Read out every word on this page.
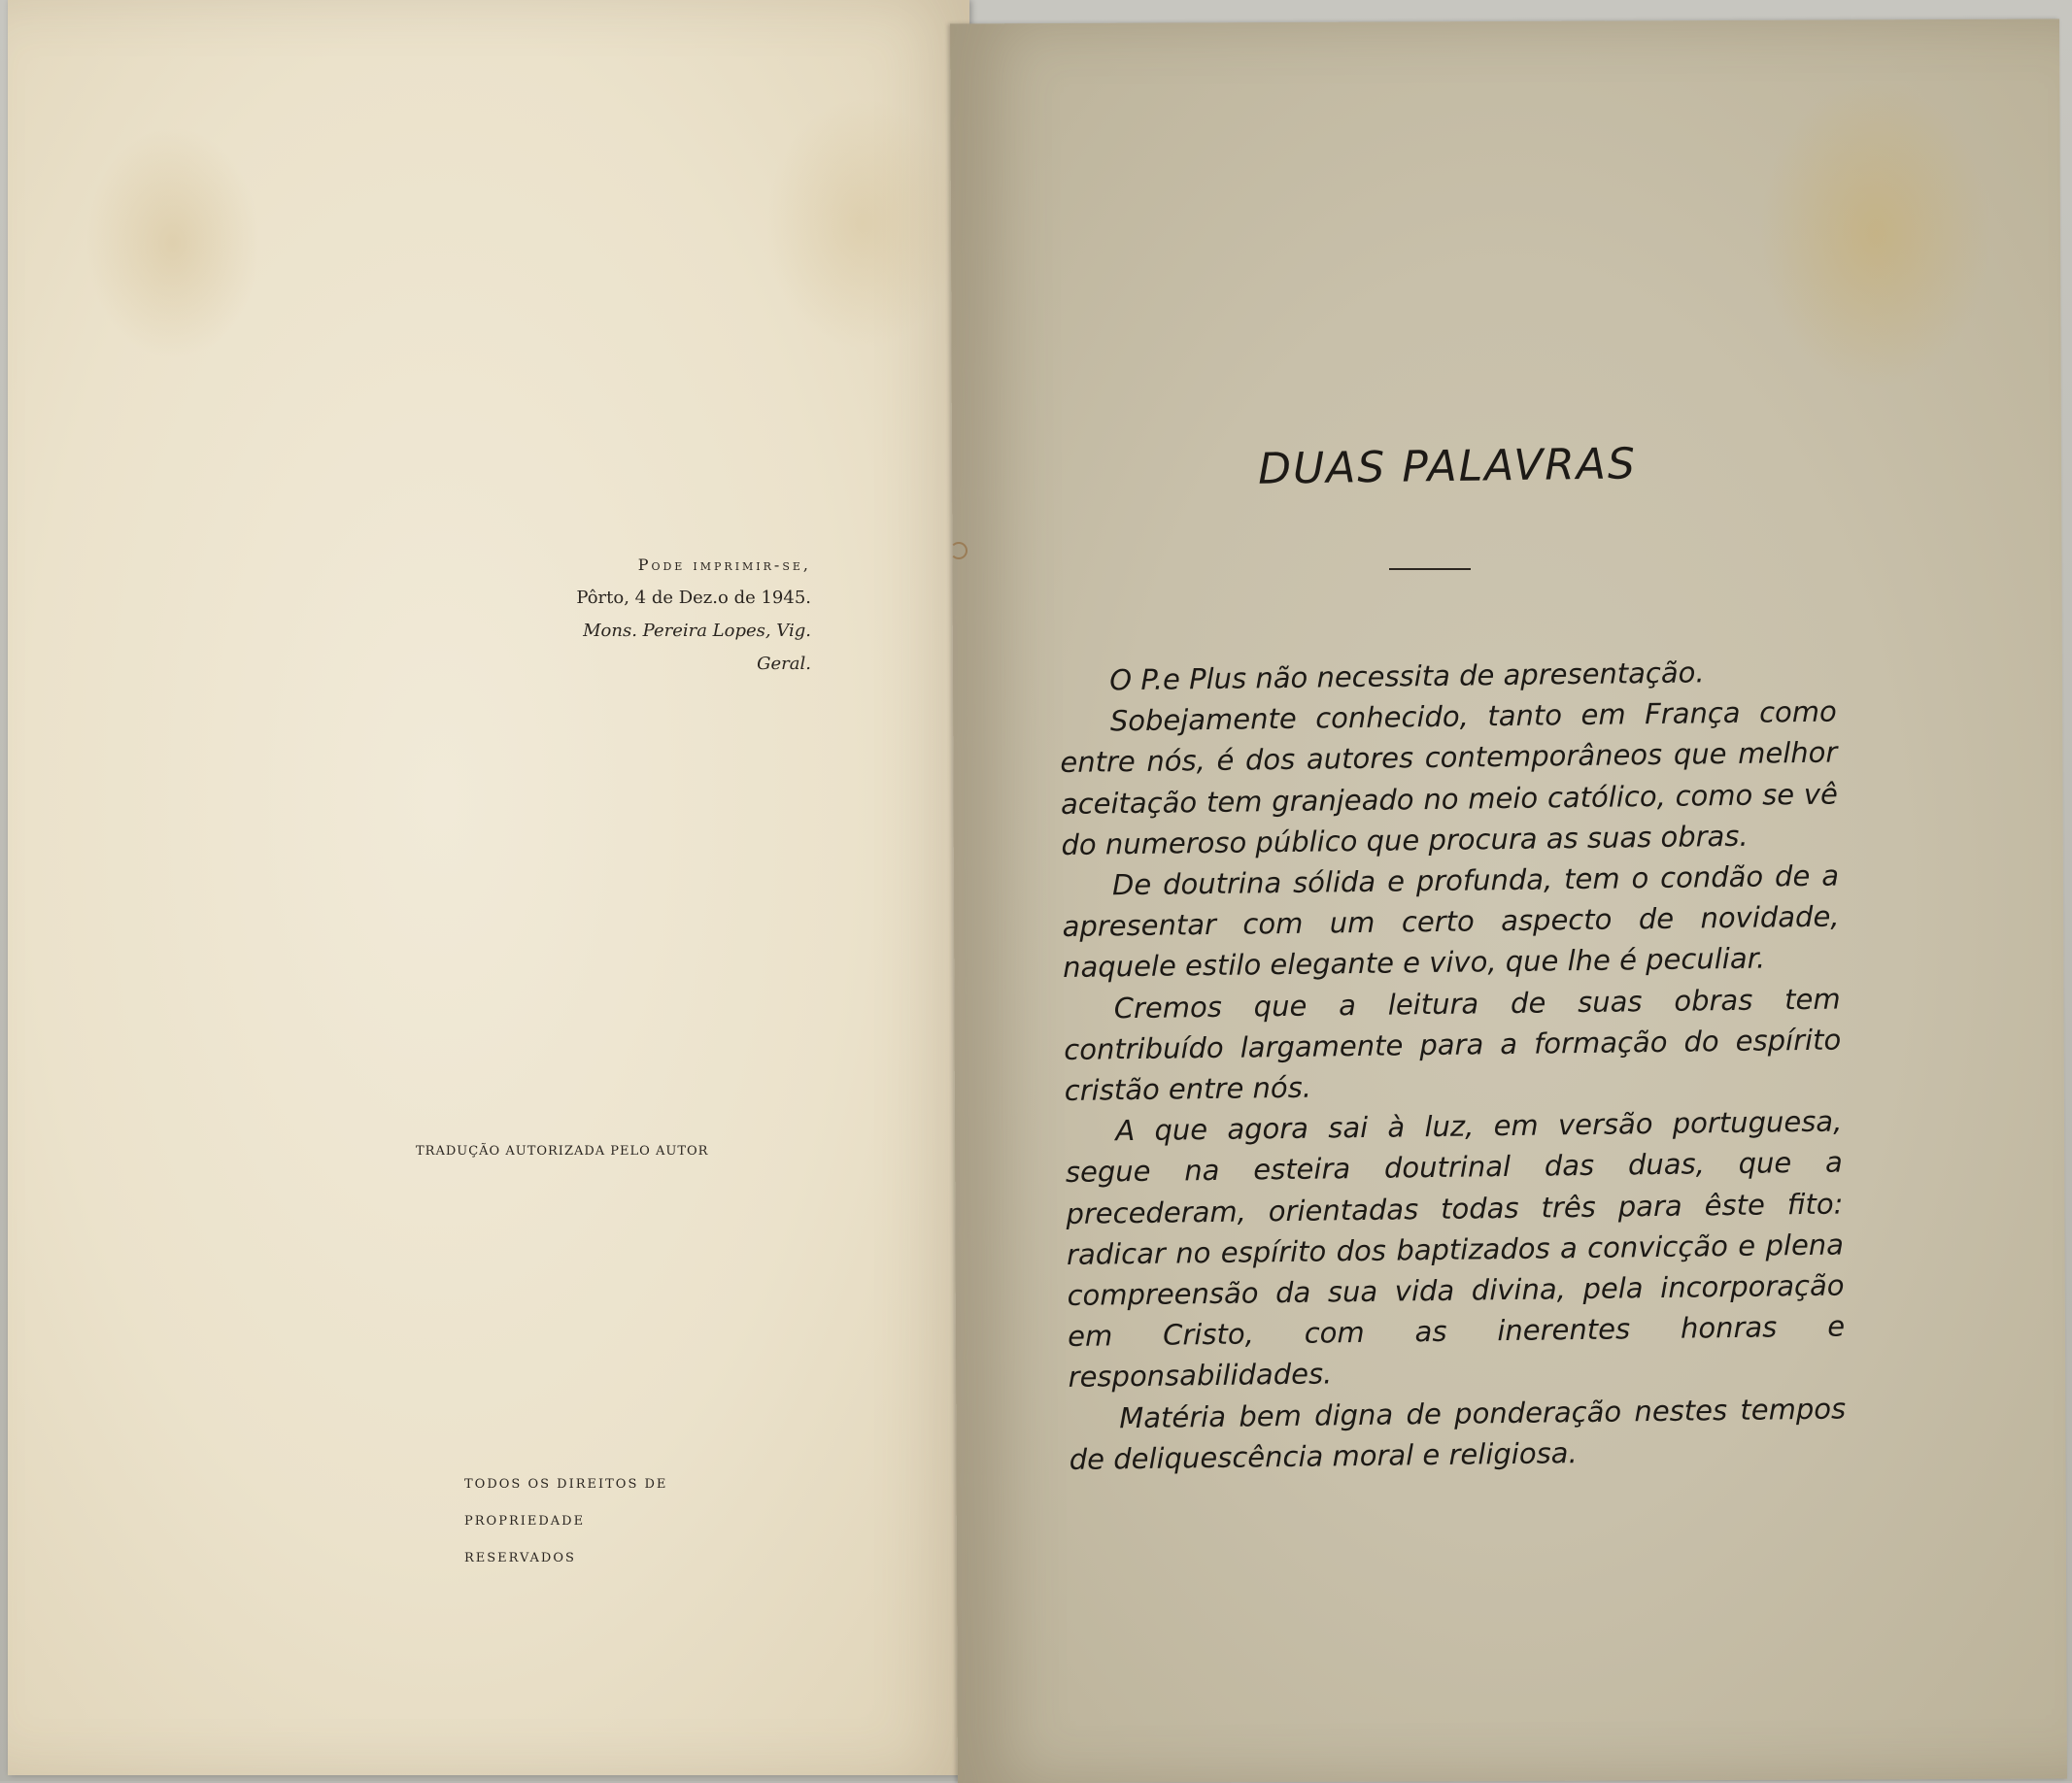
Pode imprimir-se,
Pôrto, 4 de Dez.o de 1945.
Mons. Pereira Lopes, Vig. Geral.
TRADUÇÃO AUTORIZADA PELO AUTOR
TODOS OS DIREITOS DE
PROPRIEDADE RESERVADOS
DUAS PALAVRAS

O P.e Plus não necessita de apresentação.

Sobejamente conhecido, tanto em França como entre nós, é dos autores contemporâneos que melhor aceitação tem granjeado no meio católico, como se vê do numeroso público que procura as suas obras.

De doutrina sólida e profunda, tem o condão de a apresentar com um certo aspecto de novidade, naquele estilo elegante e vivo, que lhe é peculiar.

Cremos que a leitura de suas obras tem contribuído largamente para a formação do espírito cristão entre nós.

A que agora sai à luz, em versão portuguesa, segue na esteira doutrinal das duas, que a precederam, orientadas todas três para êste fito: radicar no espírito dos baptizados a convicção e plena compreensão da sua vida divina, pela incorporação em Cristo, com as inerentes honras e responsabilidades.

Matéria bem digna de ponderação nestes tempos de deliquescência moral e religiosa.
